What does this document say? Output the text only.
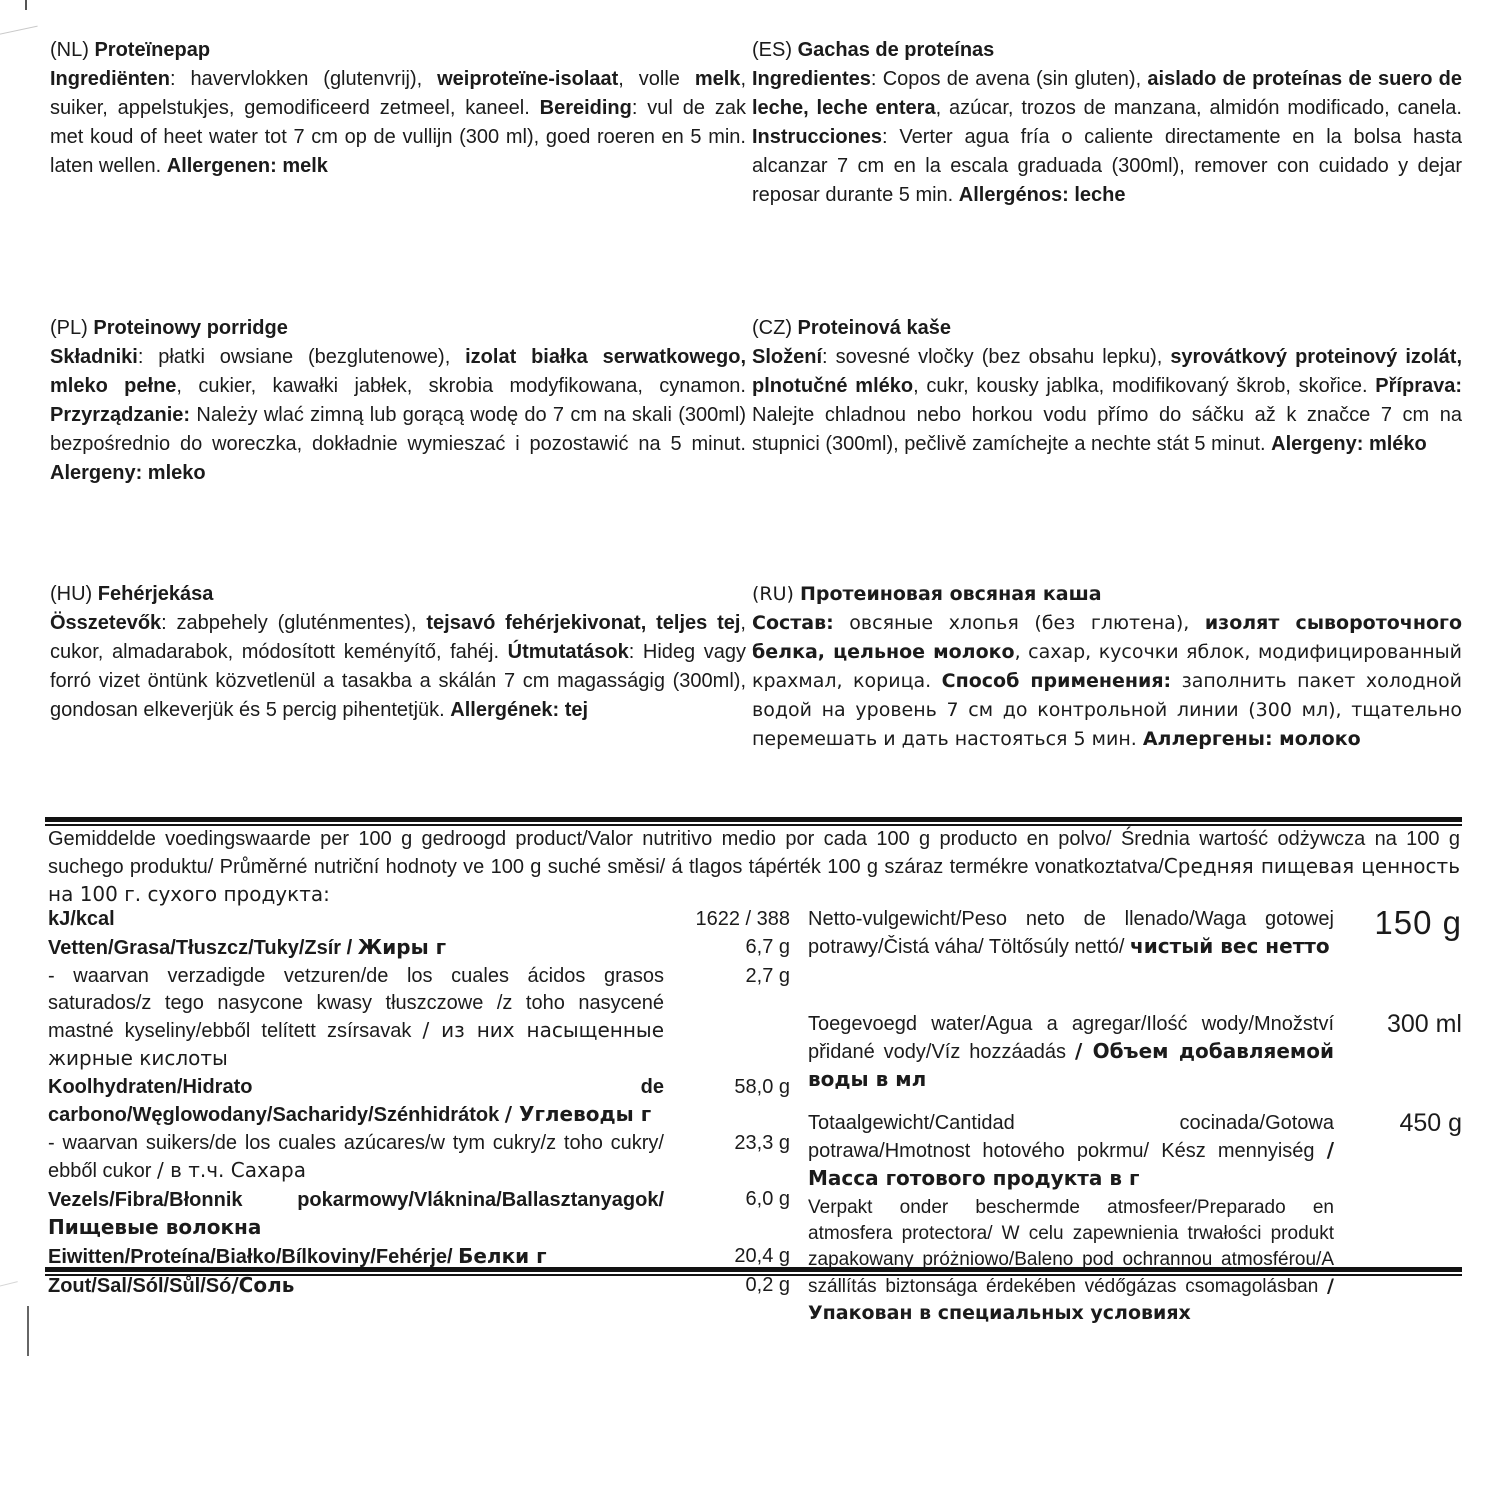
(NL) Proteïnepap

Ingrediënten: havervlokken (glutenvrij), weiproteïne-isolaat, volle melk, suiker, appelstukjes, gemodificeerd zetmeel, kaneel. Bereiding: vul de zak met koud of heet water tot 7 cm op de vullijn (300 ml), goed roeren en 5 min. laten wellen. Allergenen: melk

(ES) Gachas de proteínas

Ingredientes: Copos de avena (sin gluten), aislado de proteínas de suero de leche, leche entera, azúcar, trozos de manzana, almidón modificado, canela. Instrucciones: Verter agua fría o caliente directamente en la bolsa hasta alcanzar 7 cm en la escala graduada (300ml), remover con cuidado y dejar reposar durante 5 min. Allergénos: leche

(PL) Proteinowy porridge

Składniki: płatki owsiane (bezglutenowe), izolat białka serwatkowego, mleko pełne, cukier, kawałki jabłek, skrobia modyfikowana, cynamon. Przyrządzanie: Należy wlać zimną lub gorącą wodę do 7 cm na skali (300ml) bezpośrednio do woreczka, dokładnie wymieszać i pozostawić na 5 minut. Alergeny: mleko

(CZ) Proteinová kaše

Složení: sovesné vločky (bez obsahu lepku), syrovátkový proteinový izolát, plnotučné mléko, cukr, kousky jablka, modifikovaný škrob, skořice. Příprava: Nalejte chladnou nebo horkou vodu přímo do sáčku až k značce 7 cm na stupnici (300ml), pečlivě zamíchejte a nechte stát 5 minut. Alergeny: mléko

(HU) Fehérjekása

Összetevők: zabpehely (gluténmentes), tejsavó fehérjekivonat, teljes tej, cukor, almadarabok, módosított keményítő, fahéj. Útmutatások: Hideg vagy forró vizet öntünk közvetlenül a tasakba a skálán 7 cm magasságig (300ml), gondosan elkeverjük és 5 percig pihentetjük. Allergének: tej

(RU) Протеиновая овсяная каша

Состав: овсяные хлопья (без глютена), изолят сывороточного белка, цельное молоко, сахар, кусочки яблок, модифицированный крахмал, корица. Способ применения: заполнить пакет холодной водой на уровень 7 см до контрольной линии (300 мл), тщательно перемешать и дать настояться 5 мин. Аллергены: молоко

Gemiddelde voedingswaarde per 100 g gedroogd product/Valor nutritivo medio por cada 100 g producto en polvo/ Średnia wartość odżywcza na 100 g suchego produktu/ Průměrné nutriční hodnoty ve 100 g suché směsi/ á tlagos tápérték 100 g száraz termékre vonatkoztatva/Средняя пищевая ценность на 100 г. сухого продукта:

kJ/kcal	1622 / 388
Vetten/Grasa/Tłuszcz/Tuky/Zsír / Жиры г	6,7 g
- waarvan verzadigde vetzuren/de los cuales ácidos grasos saturados/z tego nasycone kwasy tłuszczowe /z toho nasycené mastné kyseliny/ebből telített zsírsavak / из них насыщенные жирные кислоты
2,7 g
Koolhydraten/Hidrato de carbono/Węglowodany/Sacharidy/Szénhidrátok / Углеводы г
58,0 g
- waarvan suikers/de los cuales azúcares/w tym cukry/z toho cukry/ ebből cukor / в т.ч. Сахара
23,3 g
Vezels/Fibra/Błonnik pokarmowy/Vláknina/Ballasztanyagok/ Пищевые волокна
6,0 g
Eiwitten/Proteína/Białko/Bílkoviny/Fehérje/ Белки г	20,4 g
Zout/Sal/Sól/Sůl/Só/Соль	0,2 g
Netto-vulgewicht/Peso neto de llenado/Waga gotowej potrawy/Čistá váha/ Töltősúly nettó/ чистый вес нетто
150 g
Toegevoegd water/Agua a agregar/Ilość wody/Množství přidané vody/Víz hozzáadás / Объем добавляемой воды в мл
300 ml
Totaalgewicht/Cantidad cocinada/Gotowa potrawa/Hmotnost hotového pokrmu/ Kész mennyiség / Масса готового продукта в г
450 g
Verpakt onder beschermde atmosfeer/Preparado en atmosfera protectora/ W celu zapewnienia trwałości produkt zapakowany próżniowo/Baleno pod ochrannou atmosférou/A szállítás biztonsága érdekében védőgázas csomagolásban / Упакован в специальных условиях
